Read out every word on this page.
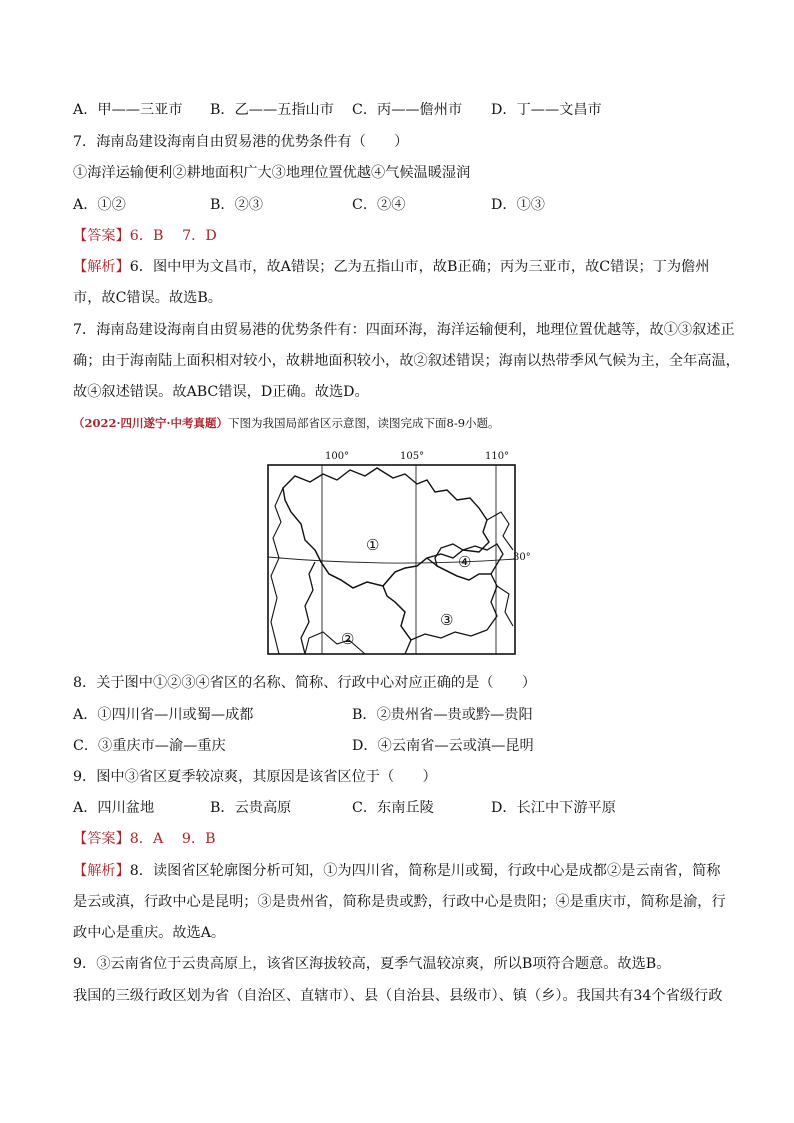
A．甲——三亚市 B．乙——五指山市 C．丙——儋州市 D．丁——文昌市
7．海南岛建设海南自由贸易港的优势条件有（　　）
①海洋运输便利②耕地面积广大③地理位置优越④气候温暖湿润
A．①②	B．②③	C．②④	D．①③
【答案】6．B　 7．D
【解析】6．图中甲为文昌市，故A错误；乙为五指山市，故B正确；丙为三亚市，故C错误；丁为儋州
市，故C错误。故选B。
7．海南岛建设海南自由贸易港的优势条件有：四面环海，海洋运输便利，地理位置优越等，故①③叙述正
确；由于海南陆上面积相对较小，故耕地面积较小，故②叙述错误；海南以热带季风气候为主，全年高温，
故④叙述错误。故ABC错误，D正确。故选D。
（2022·四川遂宁·中考真题）下图为我国局部省区示意图，读图完成下面8-9小题。
100°	105°	110°
30°
①
②
③
④
8．关于图中①②③④省区的名称、简称、行政中心对应正确的是（　　）
A．①四川省—川或蜀—成都	B．②贵州省—贵或黔—贵阳
C．③重庆市—渝—重庆	D．④云南省—云或滇—昆明
9．图中③省区夏季较凉爽，其原因是该省区位于（　　）
A．四川盆地	B．云贵高原	C．东南丘陵	D．长江中下游平原
【答案】8．A　 9．B
【解析】8．读图省区轮廓图分析可知，①为四川省，简称是川或蜀，行政中心是成都②是云南省，简称
是云或滇，行政中心是昆明；③是贵州省，简称是贵或黔，行政中心是贵阳；④是重庆市，简称是渝，行
政中心是重庆。故选A。
9．③云南省位于云贵高原上，该省区海拔较高，夏季气温较凉爽，所以B项符合题意。故选B。
我国的三级行政区划为省（自治区、直辖市）、县（自治县、县级市）、镇（乡）。我国共有34个省级行政
